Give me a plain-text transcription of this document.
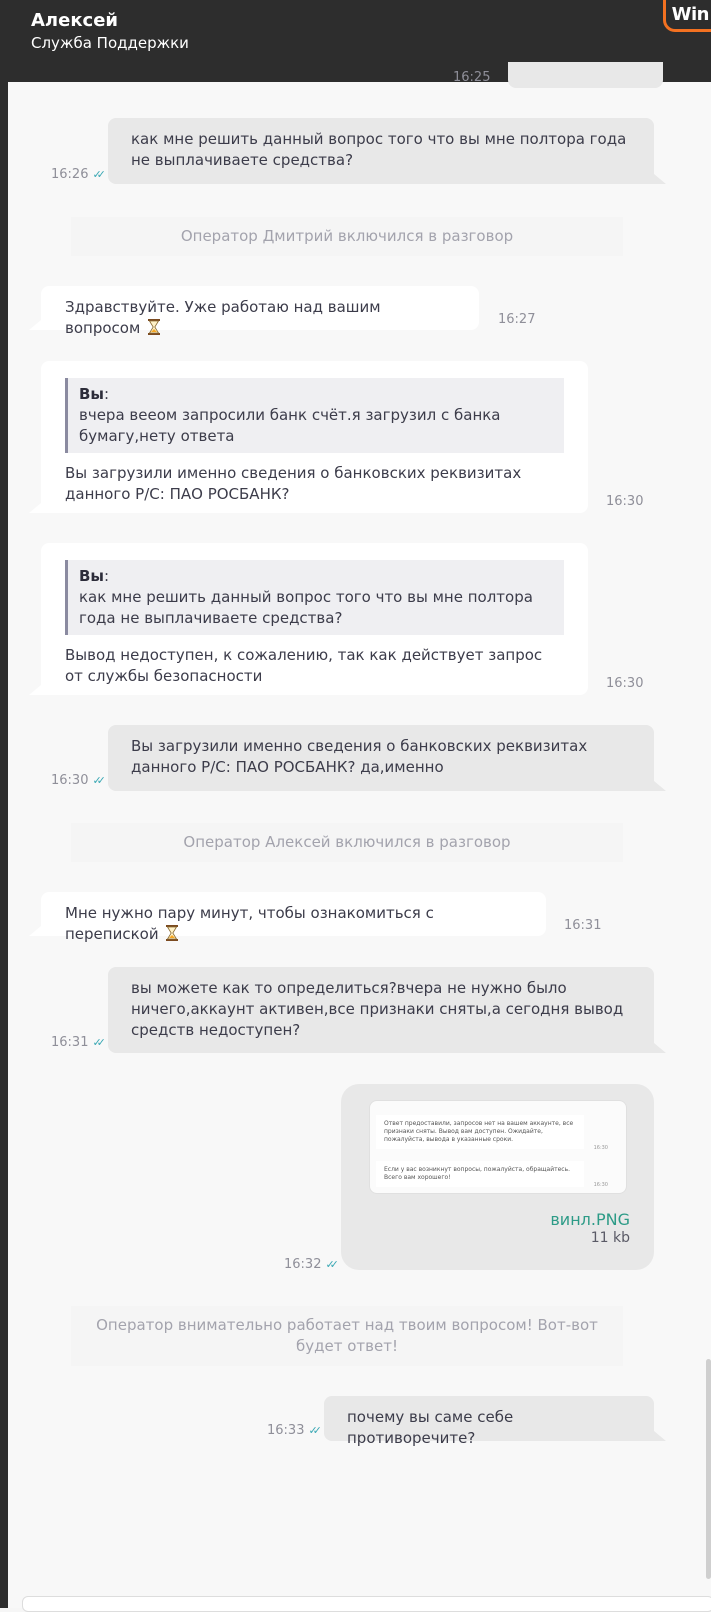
Алексей
Служба Поддержки
Win
16:25
как мне решить данный вопрос того что вы мне полтора года не выплачиваете средства?
16:26 ✓✓
Оператор Дмитрий включился в разговор
Здравствуйте. Уже работаю над вашим вопросом	16:27
Вы:
вчера вееом запросили банк счёт.я загрузил с банка бумагу,нету ответа
Вы загрузили именно сведения о банковских реквизитах данного Р/С: ПАО РОСБАНК?	16:30
Вы:
как мне решить данный вопрос того что вы мне полтора года не выплачиваете средства?
Вывод недоступен, к сожалению, так как действует запрос от службы безопасности	16:30
Вы загрузили именно сведения о банковских реквизитах данного Р/С: ПАО РОСБАНК? да,именно
16:30 ✓✓
Оператор Алексей включился в разговор
Мне нужно пару минут, чтобы ознакомиться с перепиской	16:31
вы можете как то определиться?вчера не нужно было ничего,аккаунт активен,все признаки сняты,а сегодня вывод средств недоступен?
16:31 ✓✓
Ответ предоставили, запросов нет на вашем аккаунте, все признаки сняты. Вывод вам доступен. Ожидайте, пожалуйста, вывода в указанные сроки.
16:30
Если у вас возникнут вопросы, пожалуйста, обращайтесь. Всего вам хорошего!
16:30
винл.PNG
11 kb
16:32 ✓✓
Оператор внимательно работает над твоим вопросом! Вот-вот будет ответ!
почему вы саме себе противоречите?
16:33 ✓✓
